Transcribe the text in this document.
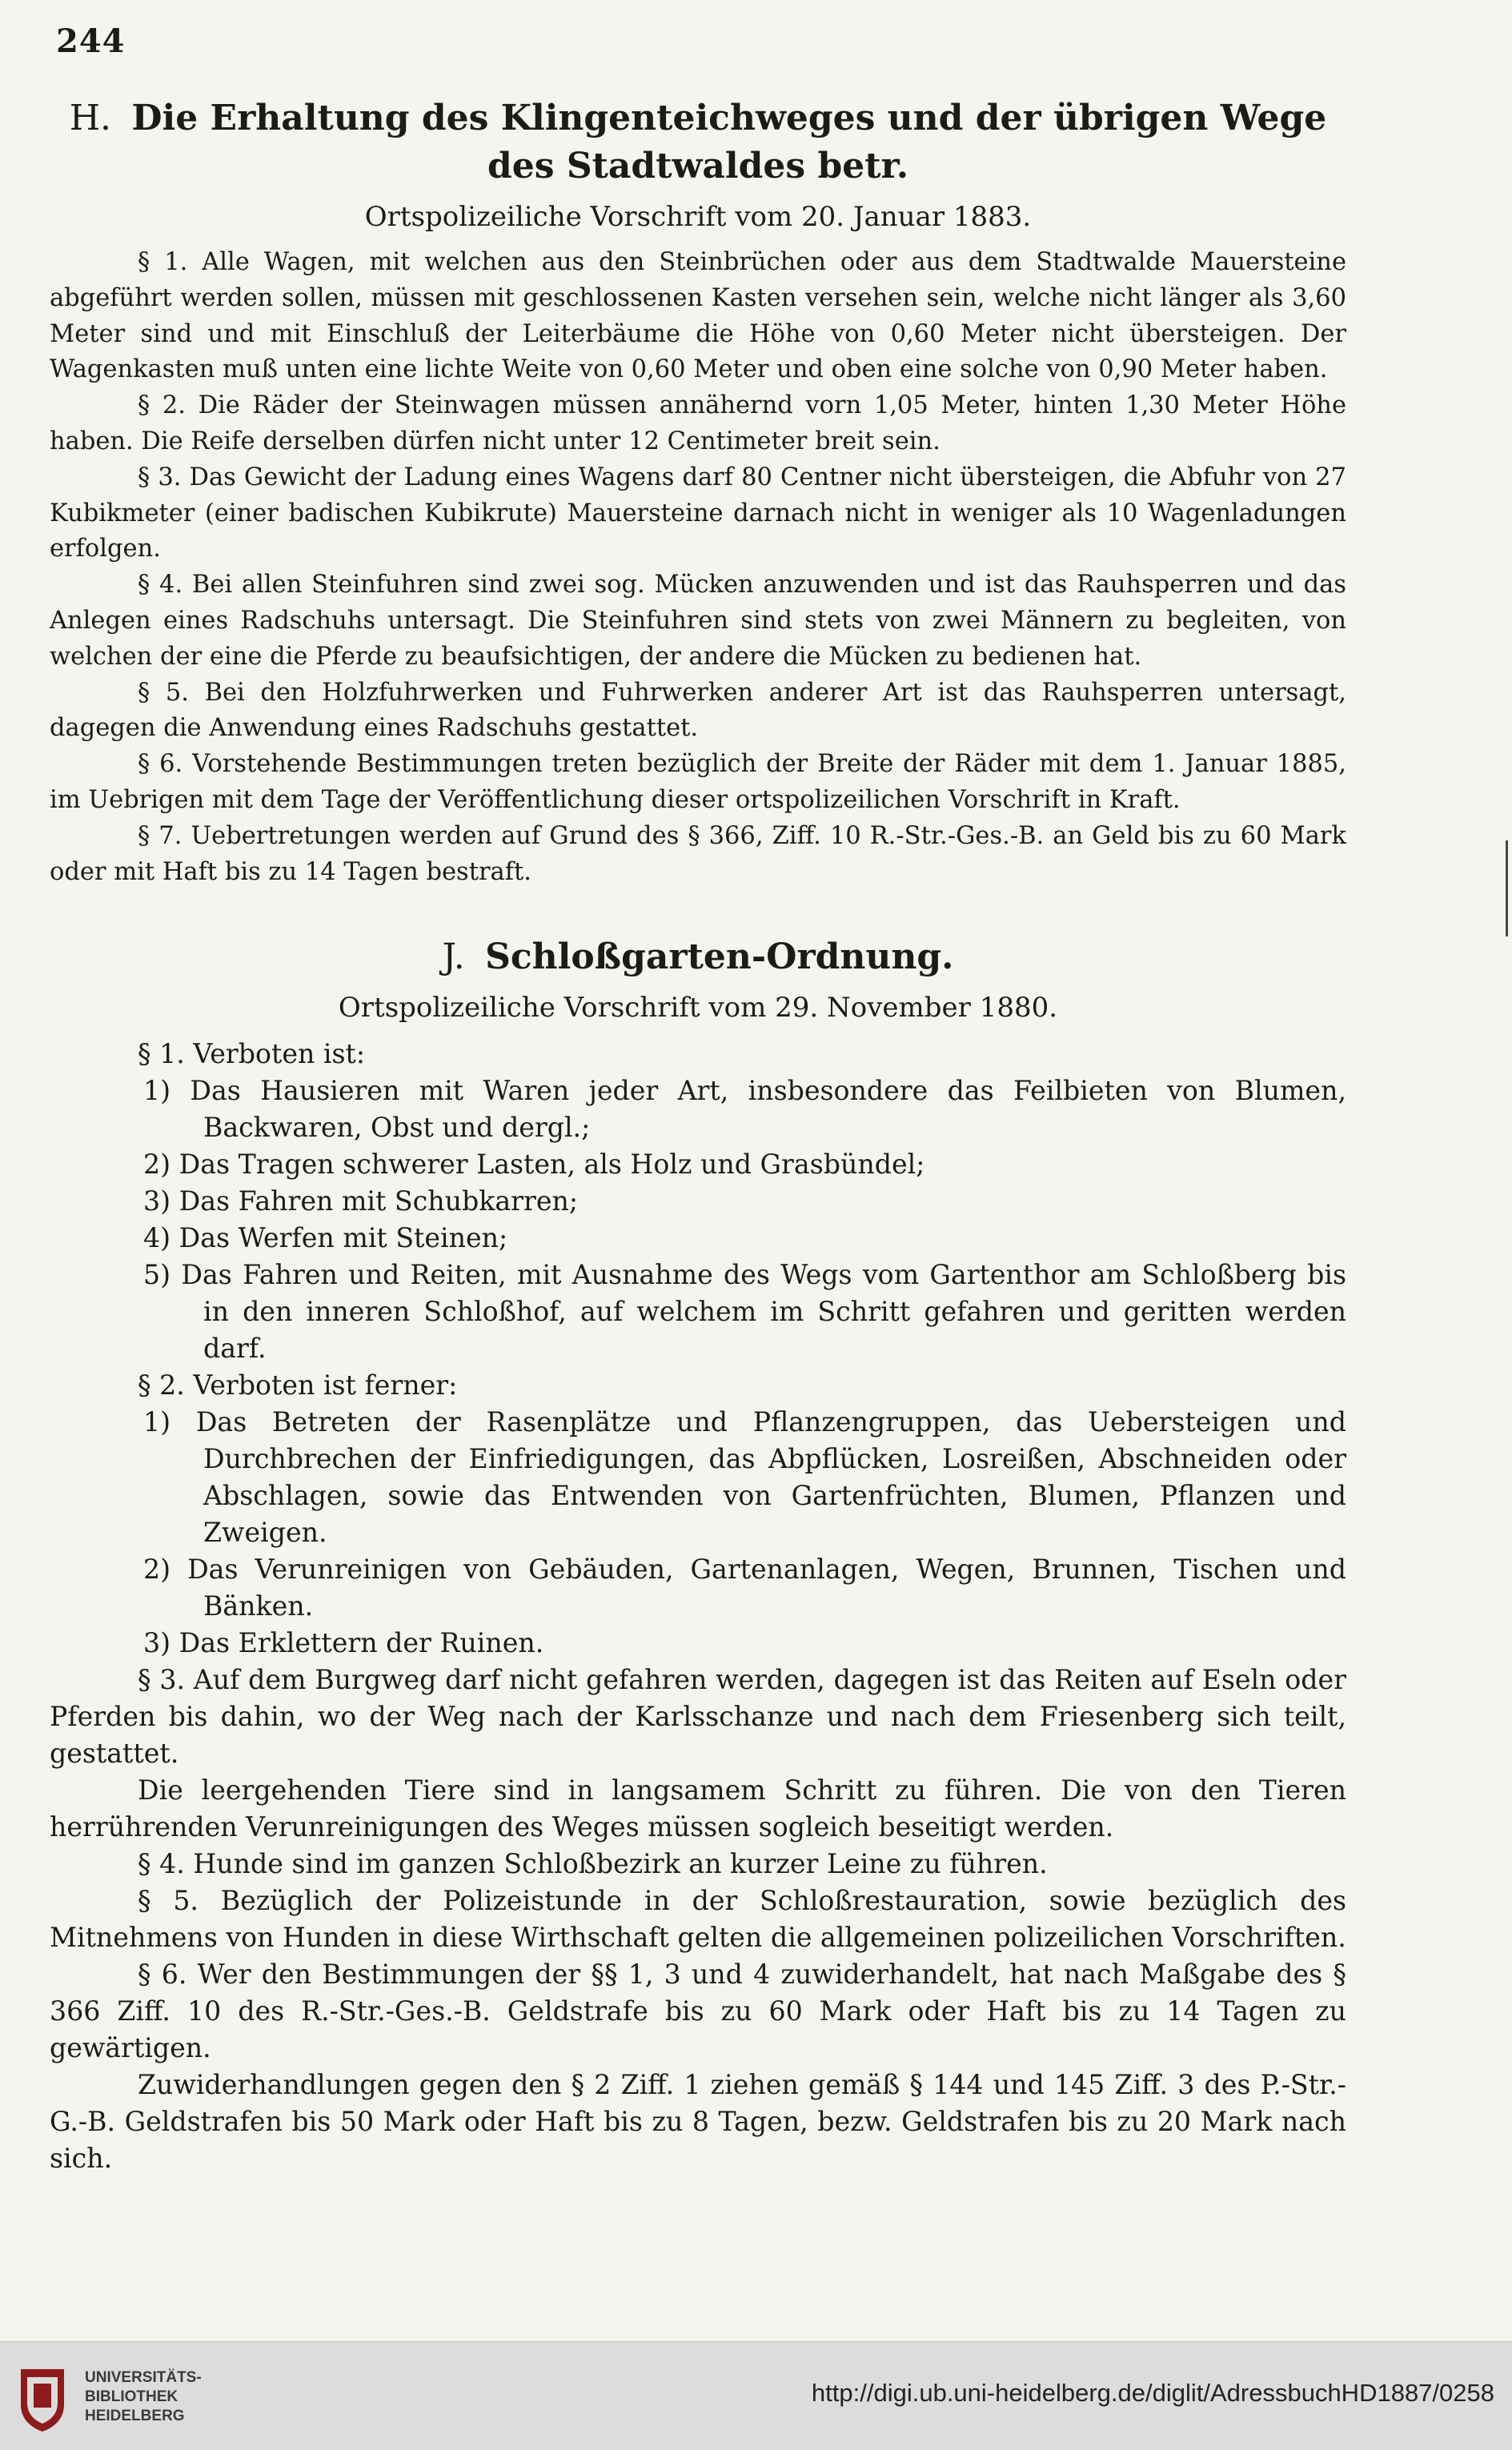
244
H. Die Erhaltung des Klingenteichweges und der übrigen Wege des Stadtwaldes betr.
Ortspolizeiliche Vorschrift vom 20. Januar 1883.

§ 1. Alle Wagen, mit welchen aus den Steinbrüchen oder aus dem Stadtwalde Mauersteine abgeführt werden sollen, müssen mit geschlossenen Kasten versehen sein, welche nicht länger als 3,60 Meter sind und mit Einschluß der Leiterbäume die Höhe von 0,60 Meter nicht übersteigen. Der Wagenkasten muß unten eine lichte Weite von 0,60 Meter und oben eine solche von 0,90 Meter haben.

§ 2. Die Räder der Steinwagen müssen annähernd vorn 1,05 Meter, hinten 1,30 Meter Höhe haben. Die Reife derselben dürfen nicht unter 12 Centimeter breit sein.

§ 3. Das Gewicht der Ladung eines Wagens darf 80 Centner nicht übersteigen, die Abfuhr von 27 Kubikmeter (einer badischen Kubikrute) Mauersteine darnach nicht in weniger als 10 Wagenladungen erfolgen.

§ 4. Bei allen Steinfuhren sind zwei sog. Mücken anzuwenden und ist das Rauhsperren und das Anlegen eines Radschuhs untersagt. Die Steinfuhren sind stets von zwei Männern zu begleiten, von welchen der eine die Pferde zu beaufsichtigen, der andere die Mücken zu bedienen hat.

§ 5. Bei den Holzfuhrwerken und Fuhrwerken anderer Art ist das Rauhsperren untersagt, dagegen die Anwendung eines Radschuhs gestattet.

§ 6. Vorstehende Bestimmungen treten bezüglich der Breite der Räder mit dem 1. Januar 1885, im Uebrigen mit dem Tage der Veröffentlichung dieser ortspolizeilichen Vorschrift in Kraft.

§ 7. Uebertretungen werden auf Grund des § 366, Ziff. 10 R.-Str.-Ges.-B. an Geld bis zu 60 Mark oder mit Haft bis zu 14 Tagen bestraft.

J. Schloßgarten-Ordnung.
Ortspolizeiliche Vorschrift vom 29. November 1880.

§ 1. Verboten ist:

1) Das Hausieren mit Waren jeder Art, insbesondere das Feilbieten von Blumen, Backwaren, Obst und dergl.;

2) Das Tragen schwerer Lasten, als Holz und Grasbündel;

3) Das Fahren mit Schubkarren;

4) Das Werfen mit Steinen;

5) Das Fahren und Reiten, mit Ausnahme des Wegs vom Gartenthor am Schloßberg bis in den inneren Schloßhof, auf welchem im Schritt gefahren und geritten werden darf.

§ 2. Verboten ist ferner:

1) Das Betreten der Rasenplätze und Pflanzengruppen, das Uebersteigen und Durchbrechen der Einfriedigungen, das Abpflücken, Losreißen, Abschneiden oder Abschlagen, sowie das Entwenden von Gartenfrüchten, Blumen, Pflanzen und Zweigen.

2) Das Verunreinigen von Gebäuden, Gartenanlagen, Wegen, Brunnen, Tischen und Bänken.

3) Das Erklettern der Ruinen.

§ 3. Auf dem Burgweg darf nicht gefahren werden, dagegen ist das Reiten auf Eseln oder Pferden bis dahin, wo der Weg nach der Karlsschanze und nach dem Friesenberg sich teilt, gestattet.

Die leergehenden Tiere sind in langsamem Schritt zu führen. Die von den Tieren herrührenden Verunreinigungen des Weges müssen sogleich beseitigt werden.

§ 4. Hunde sind im ganzen Schloßbezirk an kurzer Leine zu führen.

§ 5. Bezüglich der Polizeistunde in der Schloßrestauration, sowie bezüglich des Mitnehmens von Hunden in diese Wirthschaft gelten die allgemeinen polizeilichen Vorschriften.

§ 6. Wer den Bestimmungen der §§ 1, 3 und 4 zuwiderhandelt, hat nach Maßgabe des § 366 Ziff. 10 des R.-Str.-Ges.-B. Geldstrafe bis zu 60 Mark oder Haft bis zu 14 Tagen zu gewärtigen.

Zuwiderhandlungen gegen den § 2 Ziff. 1 ziehen gemäß § 144 und 145 Ziff. 3 des P.-Str.-G.-B. Geldstrafen bis 50 Mark oder Haft bis zu 8 Tagen, bezw. Geldstrafen bis zu 20 Mark nach sich.

UNIVERSITÄTS-
BIBLIOTHEK
HEIDELBERG
http://digi.ub.uni-heidelberg.de/diglit/AdressbuchHD1887/0258
